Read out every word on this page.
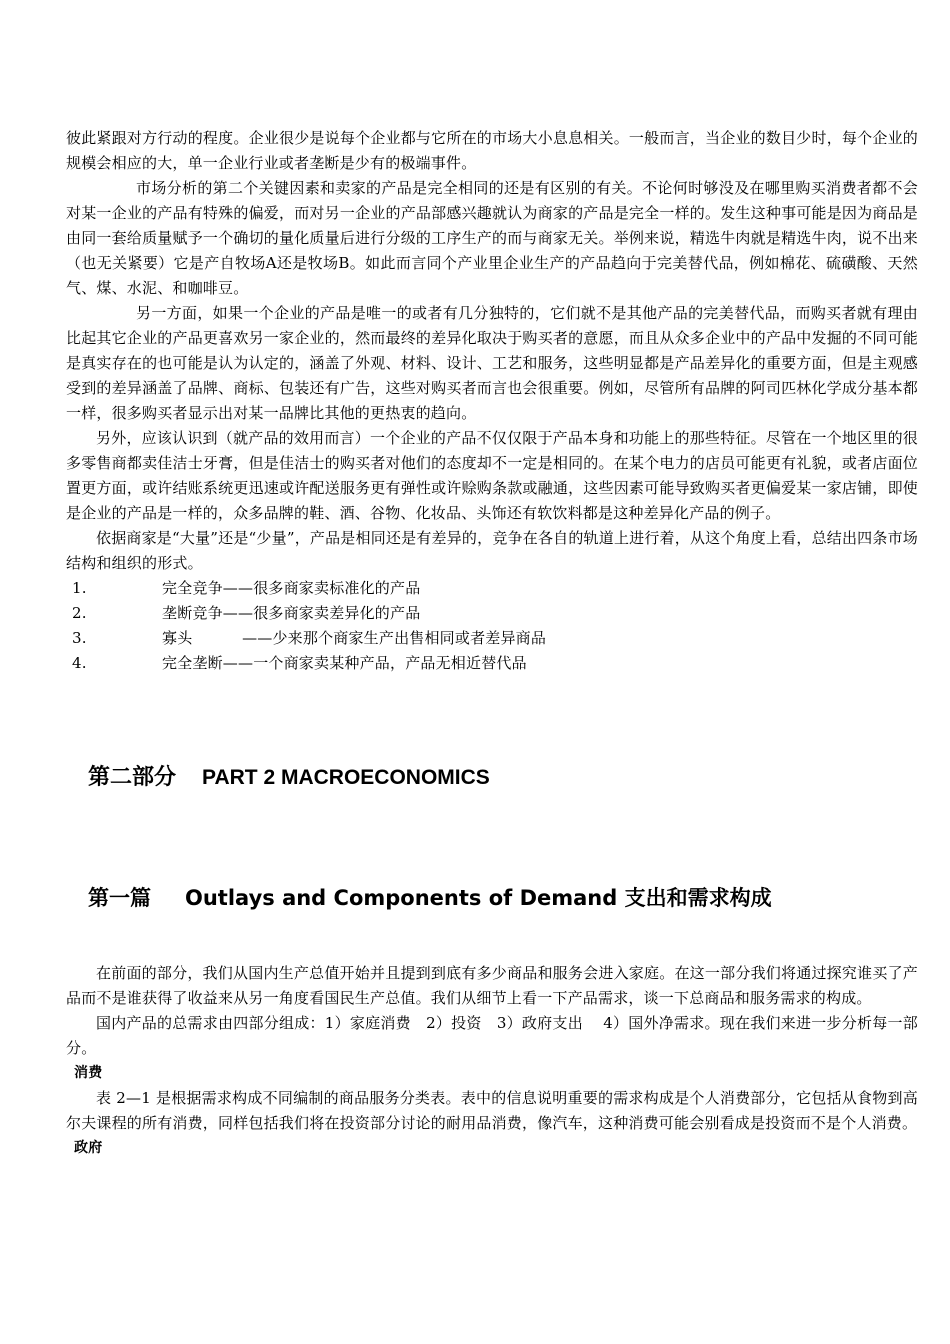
彼此紧跟对方行动的程度。企业很少是说每个企业都与它所在的市场大小息息相关。一般而言，当企业的数目少时，每个企业的规模会相应的大，单一企业行业或者垄断是少有的极端事件。

市场分析的第二个关键因素和卖家的产品是完全相同的还是有区别的有关。不论何时够没及在哪里购买消费者都不会对某一企业的产品有特殊的偏爱，而对另一企业的产品部感兴趣就认为商家的产品是完全一样的。发生这种事可能是因为商品是由同一套给质量赋予一个确切的量化质量后进行分级的工序生产的而与商家无关。举例来说，精选牛肉就是精选牛肉，说不出来（也无关紧要）它是产自牧场A还是牧场B。如此而言同个产业里企业生产的产品趋向于完美替代品，例如棉花、硫磺酸、天然气、煤、水泥、和咖啡豆。

另一方面，如果一个企业的产品是唯一的或者有几分独特的，它们就不是其他产品的完美替代品，而购买者就有理由比起其它企业的产品更喜欢另一家企业的，然而最终的差异化取决于购买者的意愿，而且从众多企业中的产品中发掘的不同可能是真实存在的也可能是认为认定的，涵盖了外观、材料、设计、工艺和服务，这些明显都是产品差异化的重要方面，但是主观感受到的差异涵盖了品牌、商标、包装还有广告，这些对购买者而言也会很重要。例如，尽管所有品牌的阿司匹林化学成分基本都一样，很多购买者显示出对某一品牌比其他的更热衷的趋向。

另外，应该认识到（就产品的效用而言）一个企业的产品不仅仅限于产品本身和功能上的那些特征。尽管在一个地区里的很多零售商都卖佳洁士牙膏，但是佳洁士的购买者对他们的态度却不一定是相同的。在某个电力的店员可能更有礼貌，或者店面位置更方面，或许结账系统更迅速或许配送服务更有弹性或许赊购条款或融通，这些因素可能导致购买者更偏爱某一家店铺，即使是企业的产品是一样的，众多品牌的鞋、酒、谷物、化妆品、头饰还有软饮料都是这种差异化产品的例子。

依据商家是“大量”还是“少量”，产品是相同还是有差异的，竞争在各自的轨道上进行着，从这个角度上看，总结出四条市场结构和组织的形式。

1.	完全竞争——很多商家卖标准化的产品
2.	垄断竞争——很多商家卖差异化的产品
3.	寡头          ——少来那个商家生产出售相同或者差异商品
4.	完全垄断——一个商家卖某种产品，产品无相近替代品
第二部分 PART 2 MACROECONOMICS
第一篇 Outlays and Components of Demand 支出和需求构成

在前面的部分，我们从国内生产总值开始并且提到到底有多少商品和服务会进入家庭。在这一部分我们将通过探究谁买了产品而不是谁获得了收益来从另一角度看国民生产总值。我们从细节上看一下产品需求，谈一下总商品和服务需求的构成。

国内产品的总需求由四部分组成：1）家庭消费　2）投资　3）政府支出　 4）国外净需求。现在我们来进一步分析每一部分。

消费

表 2—1 是根据需求构成不同编制的商品服务分类表。表中的信息说明重要的需求构成是个人消费部分，它包括从食物到高尔夫课程的所有消费，同样包括我们将在投资部分讨论的耐用品消费，像汽车，这种消费可能会别看成是投资而不是个人消费。

政府
